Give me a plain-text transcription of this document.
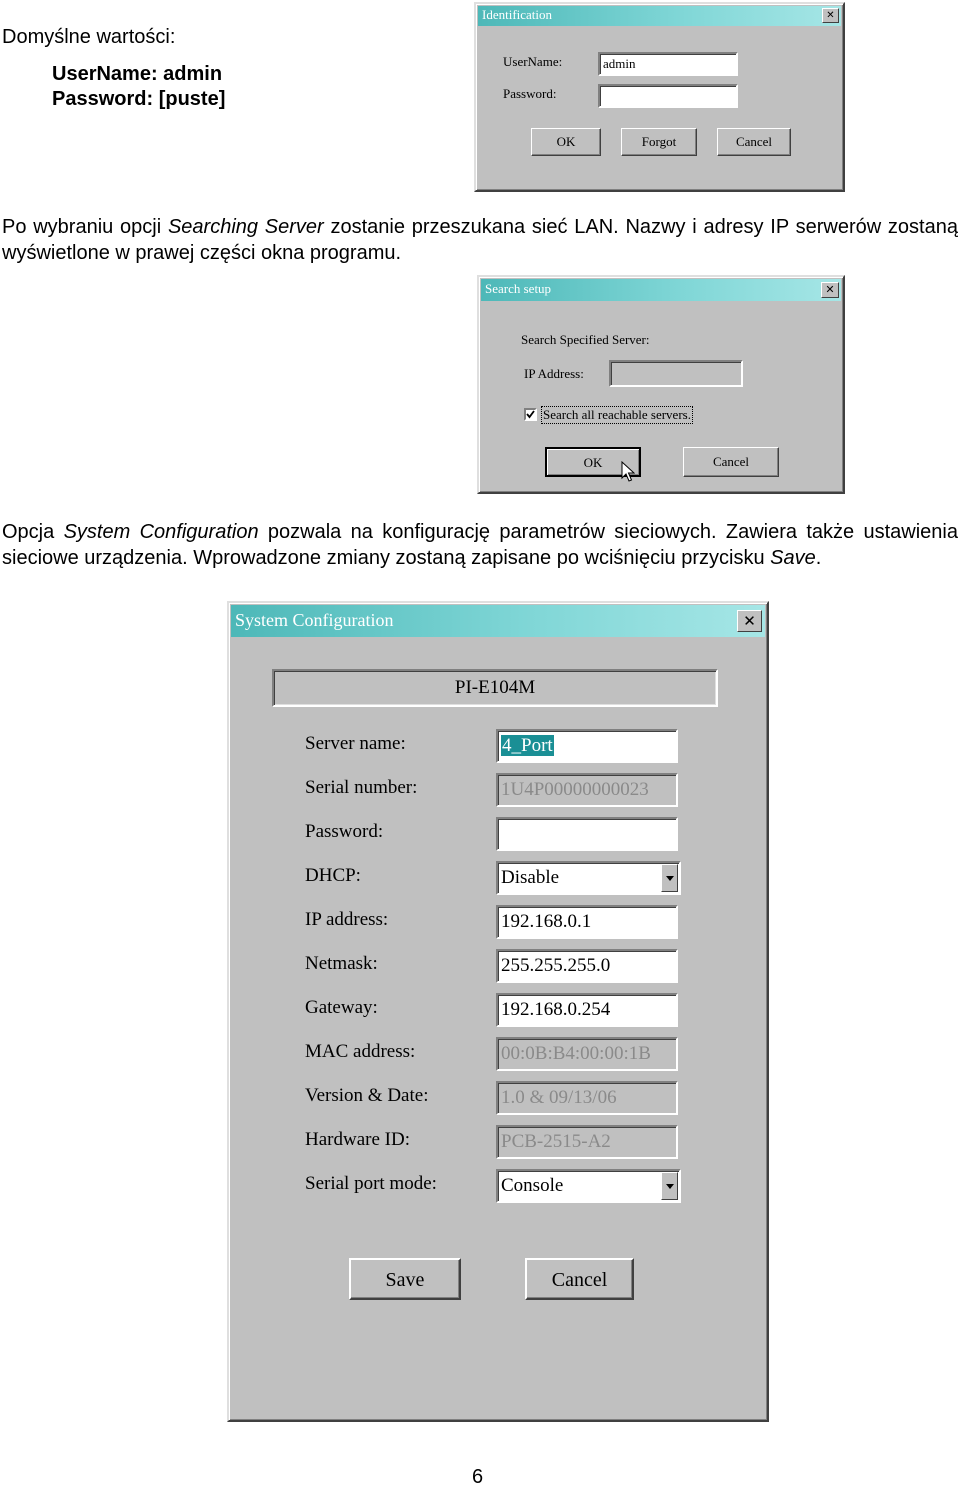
Domyślne wartości:
UserName: admin
Password: [puste]
Po wybraniu opcji Searching Server zostanie przeszukana sieć LAN. Nazwy i adresy IP serwerów zostaną wyświetlone w prawej części okna programu.
Opcja System Configuration pozwala na konfigurację parametrów sieciowych. Zawiera także ustawienia sieciowe urządzenia. Wprowadzone zmiany zostaną zapisane po wciśnięciu przycisku Save.
6
Identification	✕
UserName:	admin
Password:
OK	Forgot	Cancel
Search setup	✕
Search Specified Server:
IP Address:
Search all reachable servers.
OK	Cancel
System Configuration	✕
PI-E104M
Server name:	4_Port
Serial number:	1U4P00000000023
Password:
DHCP:	Disable
IP address:	192.168.0.1
Netmask:	255.255.255.0
Gateway:	192.168.0.254
MAC address:	00:0B:B4:00:00:1B
Version & Date:	1.0 & 09/13/06
Hardware ID:	PCB-2515-A2
Serial port mode:	Console
Save	Cancel
